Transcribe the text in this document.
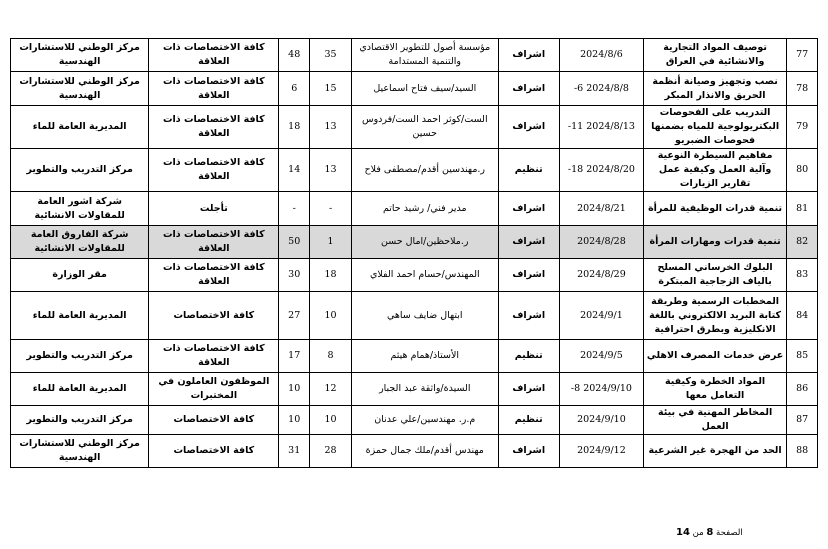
77	توصيف المواد التجارية والانشائية في العراق	2024/8/6	اشراف	مؤسسة أصول للتطوير الاقتصادي والتنمية المستدامة	35	48	كافة الاختصاصات ذات العلاقة	مركز الوطني للاستشارات الهندسية
78	نصب وتجهيز وصيانة أنظمة الحريق والانذار المبكر	-6 2024/8/8	اشراف	السيد/سيف فتاح اسماعيل	15	6	كافة الاختصاصات ذات العلاقة	مركز الوطني للاستشارات الهندسية
79	التدريب على الفحوصات البكتريولوجية للمياه بضمنها فحوصات الضبريو	-11 2024/8/13	اشراف	الست/كوثر احمد الست/فردوس حسين	13	18	كافة الاختصاصات ذات العلاقة	المديرية العامة للماء
80	مفاهيم السيطرة النوعية وآلية العمل وكيفية عمل تقارير الزيارات	-18 2024/8/20	تنظيم	ر.مهندسين أقدم/مصطفى فلاح	13	14	كافة الاختصاصات ذات العلاقة	مركز التدريب والتطوير
81	تنمية قدرات الوظيفية للمرأة	2024/8/21	اشراف	مدير فني/ رشيد حاتم	-	-	تأجلت	شركة اشور العامة للمقاولات الانشائية
82	تنمية قدرات ومهارات المرأة	2024/8/28	اشراف	ر.ملاحظين/امال حسن	1	50	كافة الاختصاصات ذات العلاقة	شركة الفاروق العامة للمقاولات الانشائية
83	البلوك الخرساني المسلح بالياف الزجاجية المبتكرة	2024/8/29	اشراف	المهندس/حسام احمد الفلاي	18	30	كافة الاختصاصات ذات العلاقة	مقر الوزارة
84	المخطبات الرسمية وطريقة كتابة البريد الالكتروني باللغة الانكليزية وبطرق احترافية	2024/9/1	اشراف	ابتهال ضايف ساهي	10	27	كافة الاختصاصات	المديرية العامة للماء
85	عرض خدمات المصرف الاهلي	2024/9/5	تنظيم	الأستاذ/همام هيثم	8	17	كافة الاختصاصات ذات العلاقة	مركز التدريب والتطوير
86	المواد الخطرة وكيفية التعامل معها	-8 2024/9/10	اشراف	السيدة/واثقة عبد الجبار	12	10	الموظفون العاملون في المختبرات	المديرية العامة للماء
87	المخاطر المهنية في بيئة العمل	2024/9/10	تنظيم	م.ر. مهندسين/علي عدنان	10	10	كافة الاختصاصات	مركز التدريب والتطوير
88	الحد من الهجرة غير الشرعية	2024/9/12	اشراف	مهندس أقدم/ملك جمال حمزة	28	31	كافة الاختصاصات	مركز الوطني للاستشارات الهندسية
الصفحة 8 من 14
